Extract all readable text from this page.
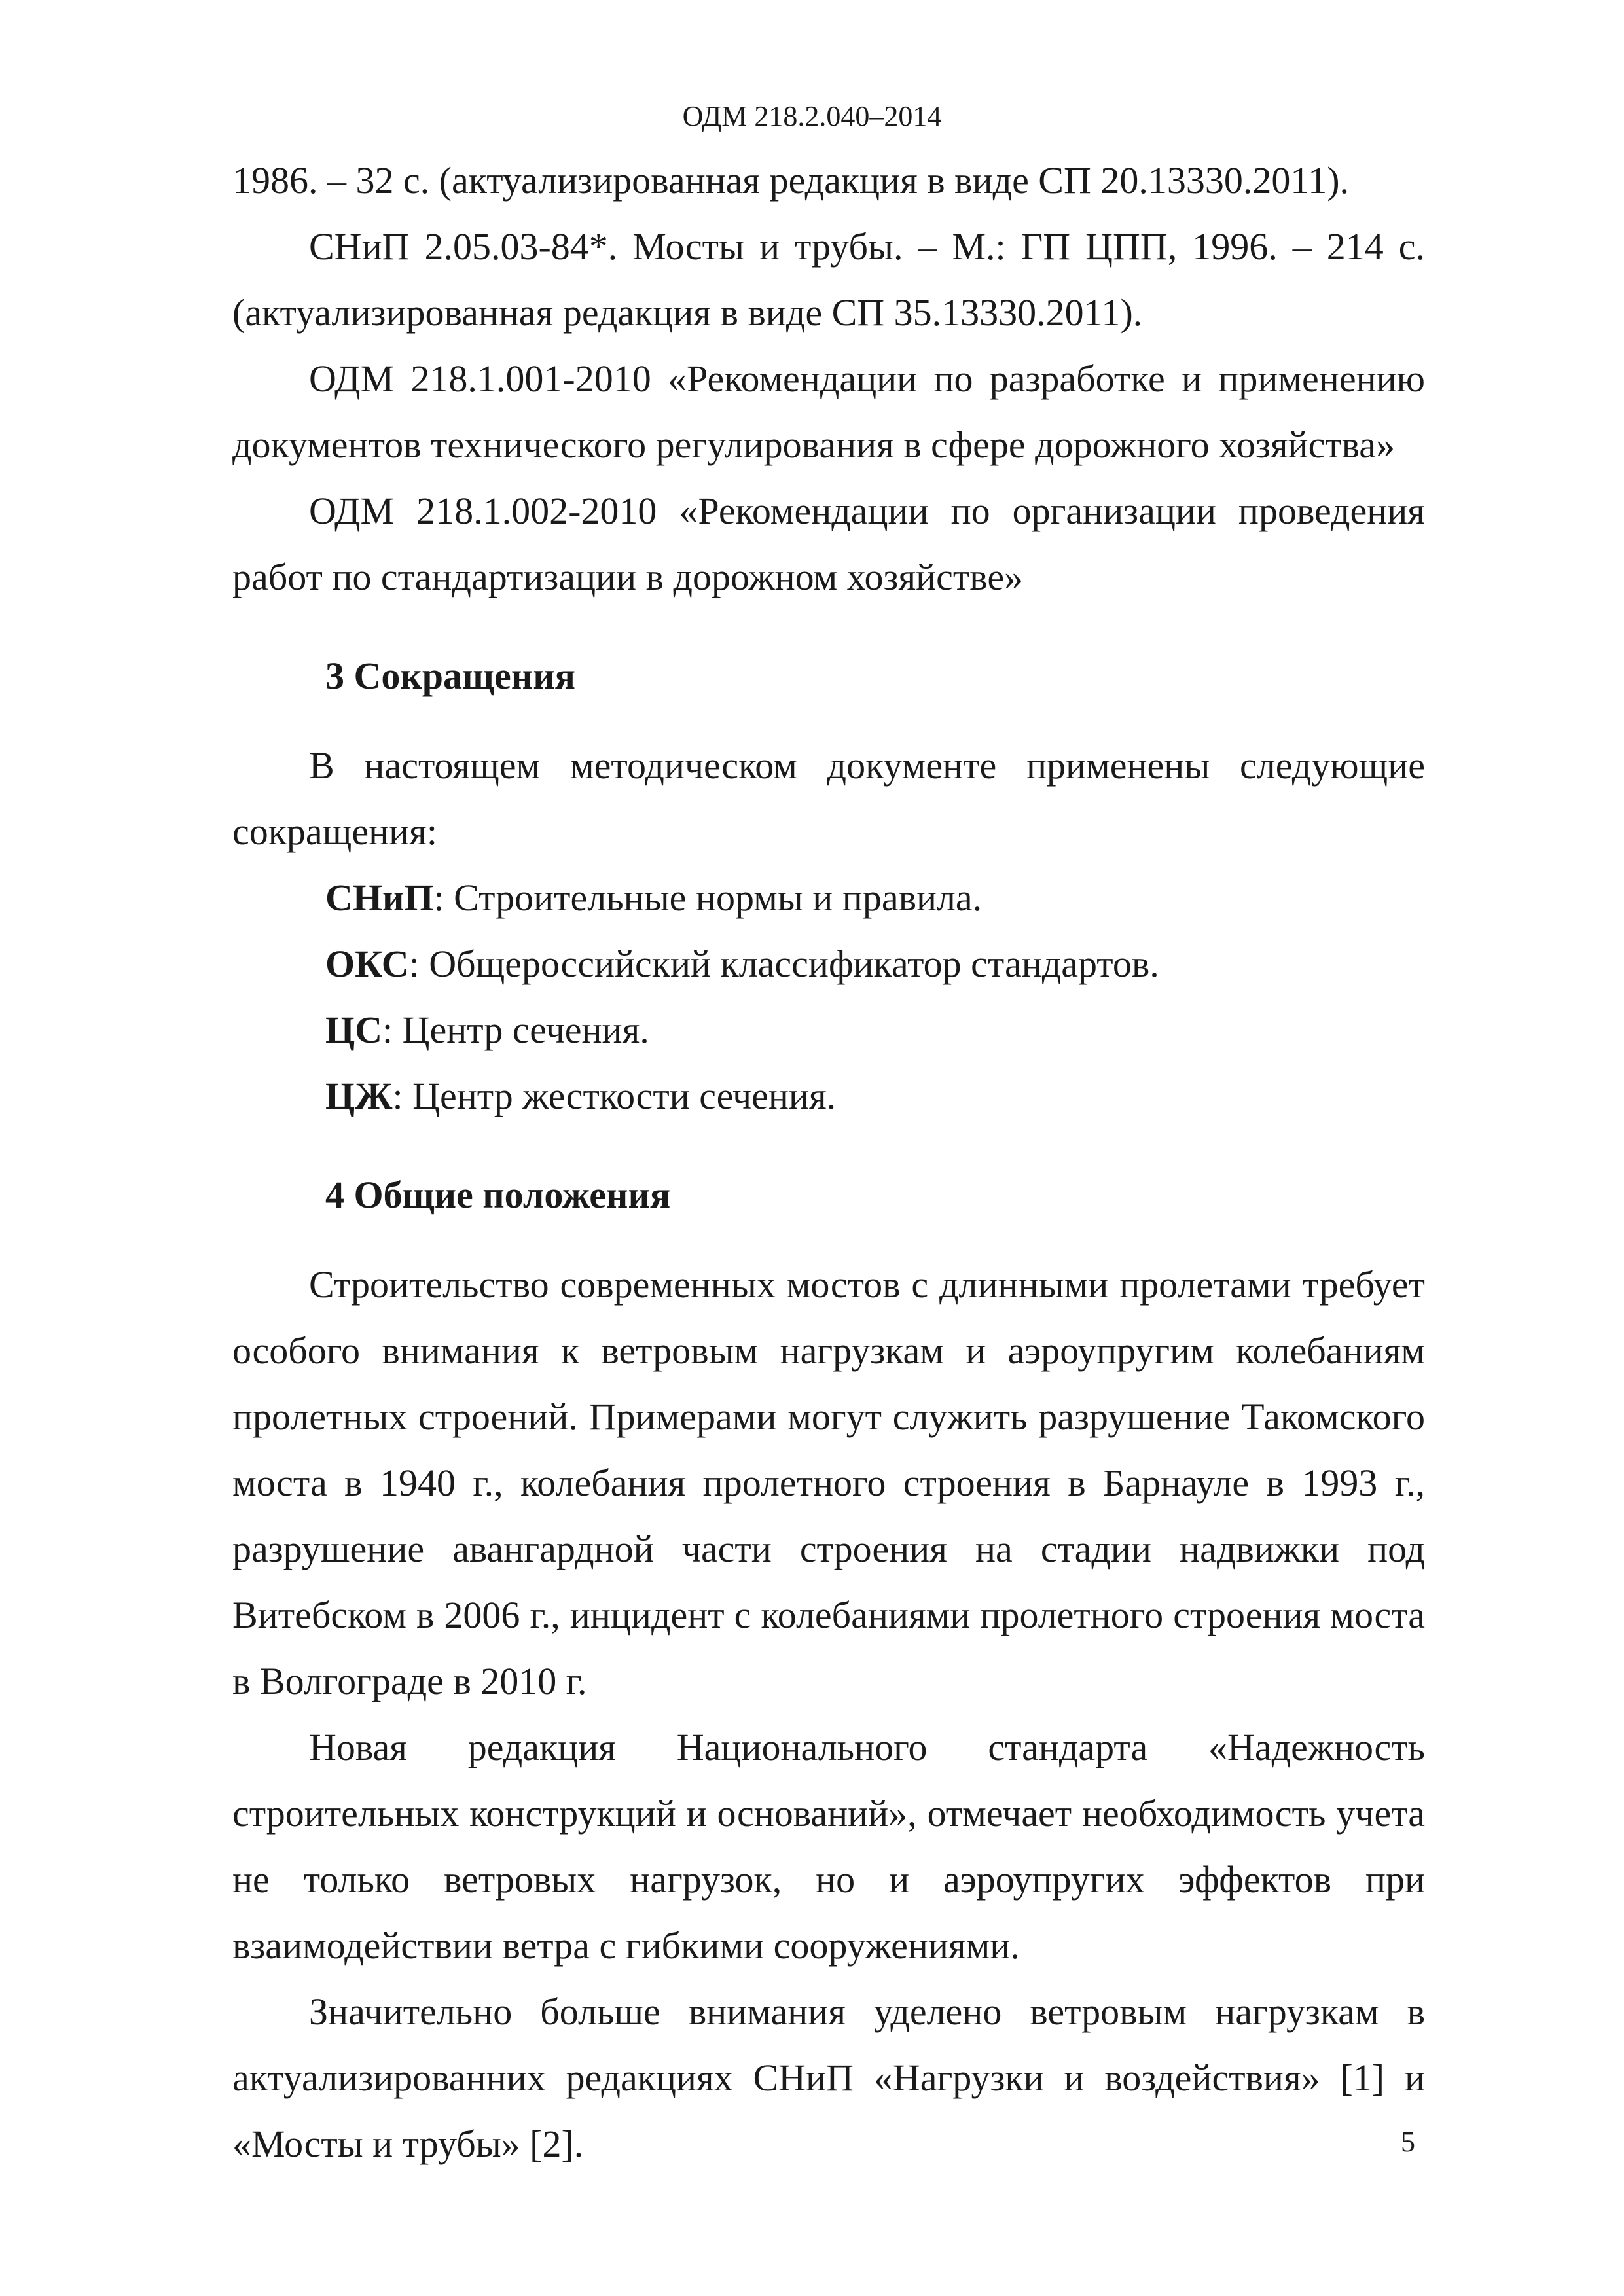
ОДМ 218.2.040–2014

1986. – 32 с. (актуализированная редакция в виде СП 20.13330.2011).

СНиП 2.05.03-84*. Мосты и трубы. – М.: ГП ЦПП, 1996. – 214 с. (актуализированная редакция в виде СП 35.13330.2011).

ОДМ 218.1.001-2010 «Рекомендации по разработке и применению документов технического регулирования в сфере дорожного хозяйства»

ОДМ 218.1.002-2010 «Рекомендации по организации проведения работ по стандартизации в дорожном хозяйстве»

3 Сокращения

В настоящем методическом документе применены следующие сокращения:

СНиП: Строительные нормы и правила.

ОКС: Общероссийский классификатор стандартов.

ЦС: Центр сечения.

ЦЖ: Центр жесткости сечения.

4 Общие положения

Строительство современных мостов с длинными пролетами требует особого внимания к ветровым нагрузкам и аэроупругим колебаниям пролетных строений. Примерами могут служить разрушение Такомского моста в 1940 г., колебания пролетного строения в Барнауле в 1993 г., разрушение авангардной части строения на стадии надвижки под Витебском в 2006 г., инцидент с колебаниями пролетного строения моста в Волгограде в 2010 г.

Новая редакция Национального стандарта «Надежность строительных конструкций и оснований», отмечает необходимость учета не только ветровых нагрузок, но и аэроупругих эффектов при взаимодействии ветра с гибкими сооружениями.

Значительно больше внимания уделено ветровым нагрузкам в актуализированних редакциях СНиП «Нагрузки и воздействия» [1] и «Мосты и трубы» [2].	5
